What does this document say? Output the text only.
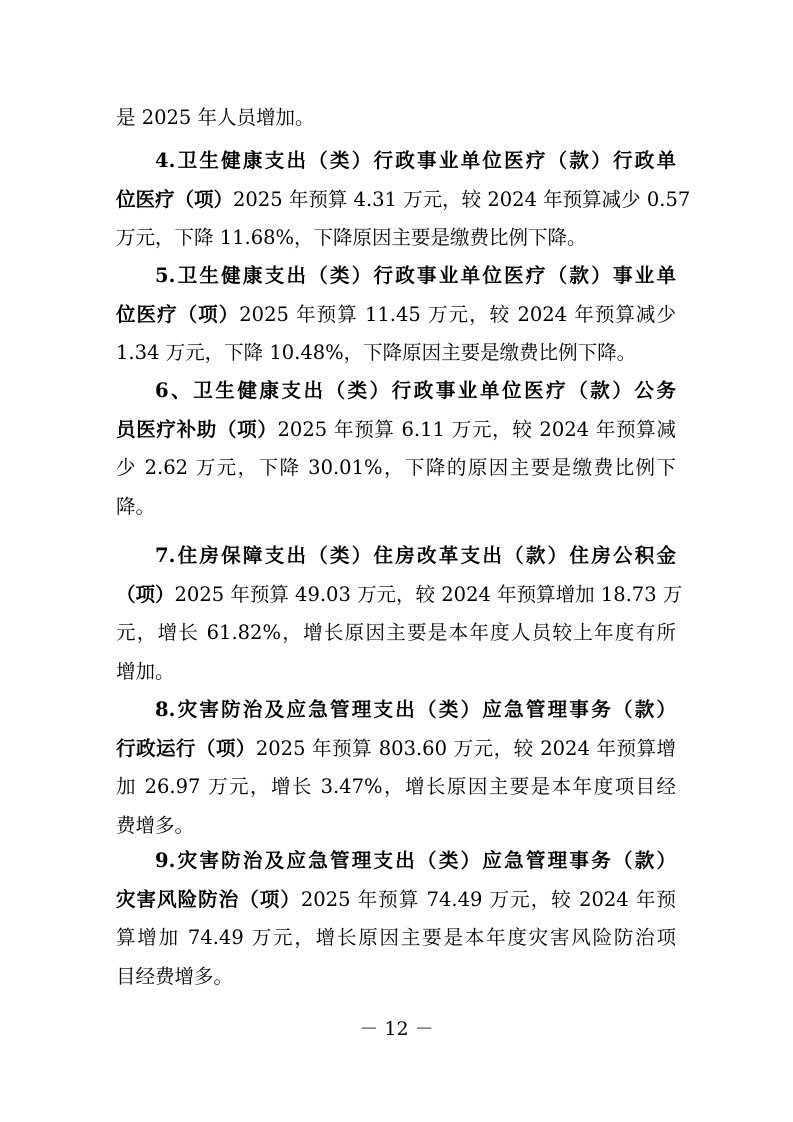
是 2025 年人员增加。
4.卫生健康支出（类）行政事业单位医疗（款）行政单
位医疗（项）2025 年预算 4.31 万元，较 2024 年预算减少 0.57
万元，下降 11.68%，下降原因主要是缴费比例下降。
5.卫生健康支出（类）行政事业单位医疗（款）事业单
位医疗（项）2025 年预算 11.45 万元，较 2024 年预算减少
1.34 万元，下降 10.48%，下降原因主要是缴费比例下降。
6、卫生健康支出（类）行政事业单位医疗（款）公务
员医疗补助（项）2025 年预算 6.11 万元，较 2024 年预算减
少 2.62 万元，下降 30.01%，下降的原因主要是缴费比例下
降。
7.住房保障支出（类）住房改革支出（款）住房公积金
（项）2025 年预算 49.03 万元，较 2024 年预算增加 18.73 万
元，增长 61.82%，增长原因主要是本年度人员较上年度有所
增加。
8.灾害防治及应急管理支出（类）应急管理事务（款）
行政运行（项）2025 年预算 803.60 万元，较 2024 年预算增
加 26.97 万元，增长 3.47%，增长原因主要是本年度项目经
费增多。
9.灾害防治及应急管理支出（类）应急管理事务（款）
灾害风险防治（项）2025 年预算 74.49 万元，较 2024 年预
算增加 74.49 万元，增长原因主要是本年度灾害风险防治项
目经费增多。
－ 12 －
